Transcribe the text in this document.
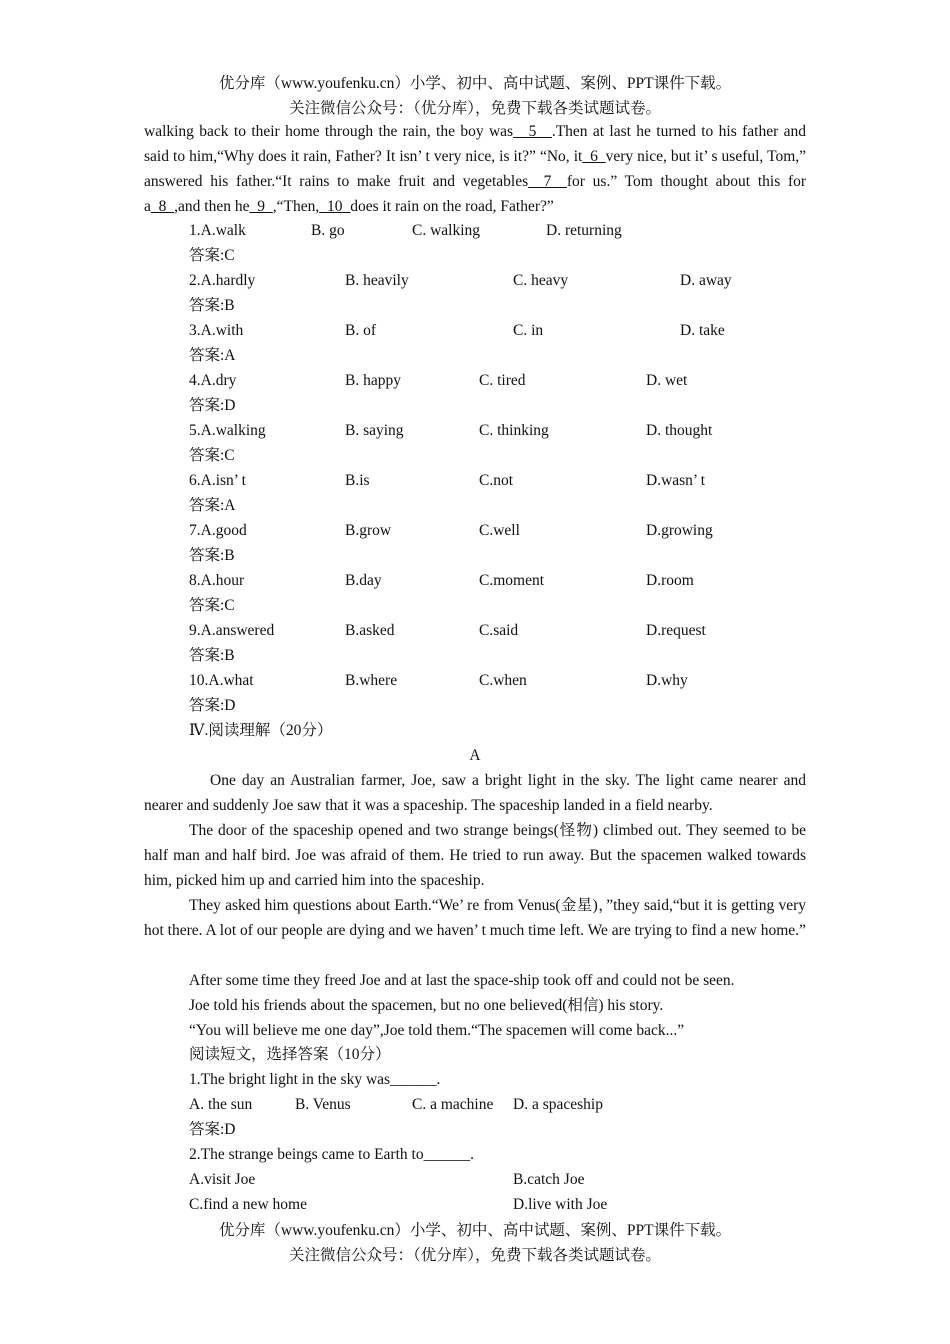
优分库（www.youfenku.cn）小学、初中、高中试题、案例、PPT课件下载。
关注微信公众号：（优分库），免费下载各类试题试卷。
walking back to their home through the rain, the boy was__5__.Then at last he turned to his father and said to him,“Why does it rain, Father? It isn’ t very nice, is it?” “No, it_6_very nice, but it’ s useful, Tom,” answered his father.“It rains to make fruit and vegetables__7__for us.” Tom thought about this for a_8_,and then he_9_,“Then,_10_does it rain on the road, Father?”
1.A.walk	B. go	C. walking	D. returning
答案:C
2.A.hardly	B. heavily	C. heavy	D. away
答案:B
3.A.with	B. of	C. in	D. take
答案:A
4.A.dry	B. happy	C. tired	D. wet
答案:D
5.A.walking	B. saying	C. thinking	D. thought
答案:C
6.A.isn’ t	B.is	C.not	D.wasn’ t
答案:A
7.A.good	B.grow	C.well	D.growing
答案:B
8.A.hour	B.day	C.moment	D.room
答案:C
9.A.answered	B.asked	C.said	D.request
答案:B
10.A.what	B.where	C.when	D.why
答案:D
Ⅳ.阅读理解（20分）
A
One day an Australian farmer, Joe, saw a bright light in the sky. The light came nearer and nearer and suddenly Joe saw that it was a spaceship. The spaceship landed in a field nearby.
The door of the spaceship opened and two strange beings(怪物) climbed out. They seemed to be half man and half bird. Joe was afraid of them. He tried to run away. But the spacemen walked towards him, picked him up and carried him into the spaceship.
They asked him questions about Earth.“We’ re from Venus(金星)，”they said,“but it is getting very hot there. A lot of our people are dying and we haven’ t much time left. We are trying to find a new home.”
After some time they freed Joe and at last the space-ship took off and could not be seen.
Joe told his friends about the spacemen, but no one believed(相信) his story.
“You will believe me one day”,Joe told them.“The spacemen will come back...”
阅读短文，选择答案（10分）
1.The bright light in the sky was______.
A. the sun	B. Venus	C. a machine D. a spaceship
答案:D
2.The strange beings came to Earth to______.
A.visit Joe	B.catch Joe
C.find a new home	D.live with Joe
优分库（www.youfenku.cn）小学、初中、高中试题、案例、PPT课件下载。
关注微信公众号：（优分库），免费下载各类试题试卷。
